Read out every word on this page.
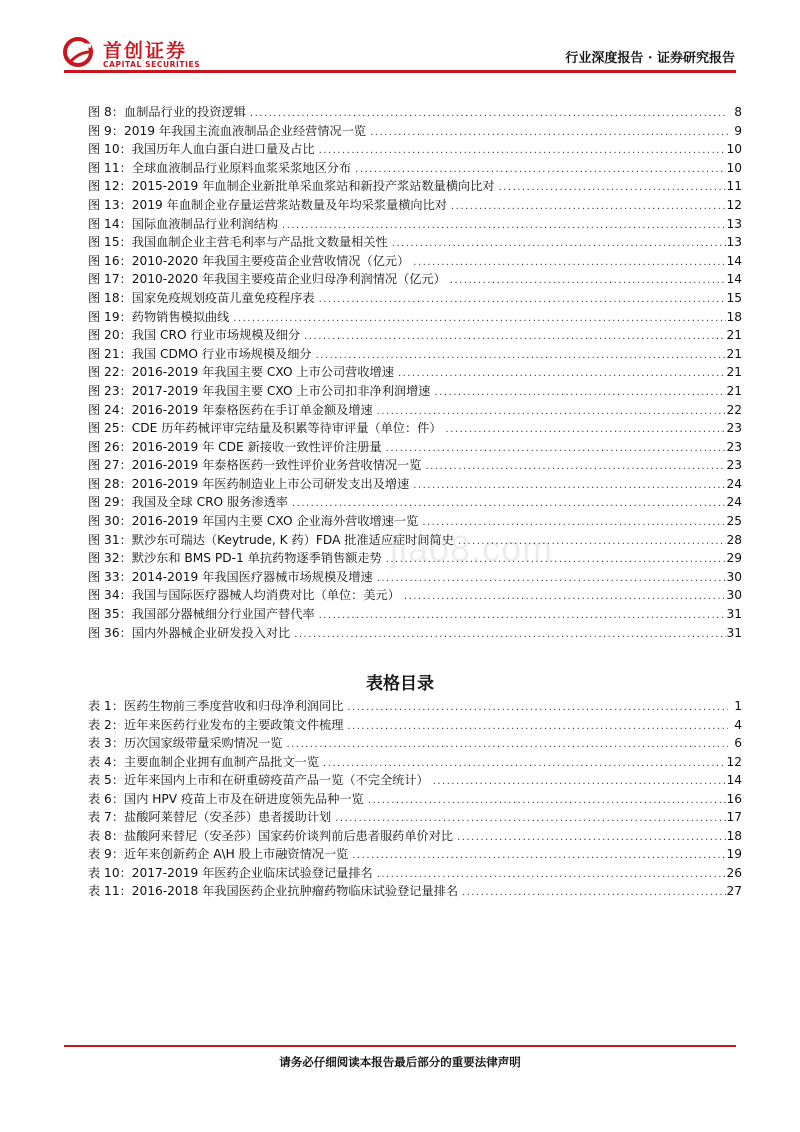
首创证券
CAPITAL SECURITIES	行业深度报告 · 证券研究报告
图 8： 血制品行业的投资逻辑 .....	8
图 9： 2019 年我国主流血液制品企业经营情况一览 .....	9
图 10： 我国历年人血白蛋白进口量及占比 .....	10
图 11： 全球血液制品行业原料血浆采浆地区分布 .....	10
图 12： 2015-2019 年血制企业新批单采血浆站和新投产浆站数量横向比对 .....	11
图 13： 2019 年血制企业存量运营浆站数量及年均采浆量横向比对 .....	12
图 14： 国际血液制品行业利润结构 .....	13
图 15： 我国血制企业主营毛利率与产品批文数量相关性 .....	13
图 16： 2010-2020 年我国主要疫苗企业营收情况（亿元） .....	14
图 17： 2010-2020 年我国主要疫苗企业归母净利润情况（亿元） .....	14
图 18： 国家免疫规划疫苗儿童免疫程序表 .....	15
图 19： 药物销售模拟曲线 .....	18
图 20： 我国 CRO 行业市场规模及细分 .....	21
图 21： 我国 CDMO 行业市场规模及细分 .....	21
图 22： 2016-2019 年我国主要 CXO 上市公司营收增速 .....	21
图 23： 2017-2019 年我国主要 CXO 上市公司扣非净利润增速 .....	21
图 24： 2016-2019 年泰格医药在手订单金额及增速 .....	22
图 25： CDE 历年药械评审完结量及积累等待审评量（单位：件） .....	23
图 26： 2016-2019 年 CDE 新接收一致性评价注册量 .....	23
图 27： 2016-2019 年泰格医药一致性评价业务营收情况一览 .....	23
图 28： 2016-2019 年医药制造业上市公司研发支出及增速 .....	24
图 29： 我国及全球 CRO 服务渗透率 .....	24
图 30： 2016-2019 年国内主要 CXO 企业海外营收增速一览 .....	25
图 31： 默沙东可瑞达（Keytrude, K 药）FDA 批准适应症时间简史 .....	28
图 32： 默沙东和 BMS PD-1 单抗药物逐季销售额走势 .....	29
图 33： 2014-2019 年我国医疗器械市场规模及增速 .....	30
图 34： 我国与国际医疗器械人均消费对比（单位：美元） .....	30
图 35： 我国部分器械细分行业国产替代率 .....	31
图 36： 国内外器械企业研发投入对比 .....	31
表格目录
表 1： 医药生物前三季度营收和归母净利润同比 .....	1
表 2： 近年来医药行业发布的主要政策文件梳理 .....	4
表 3： 历次国家级带量采购情况一览 .....	6
表 4： 主要血制企业拥有血制产品批文一览 .....	12
表 5： 近年来国内上市和在研重磅疫苗产品一览（不完全统计） .....	14
表 6： 国内 HPV 疫苗上市及在研进度领先品种一览 .....	16
表 7： 盐酸阿莱替尼（安圣莎）患者援助计划 .....	17
表 8： 盐酸阿来替尼（安圣莎）国家药价谈判前后患者服药单价对比 .....	18
表 9： 近年来创新药企 A\H 股上市融资情况一览 .....	19
表 10： 2017-2019 年医药企业临床试验登记量排名 .....	26
表 11： 2016-2018 年我国医药企业抗肿瘤药物临床试验登记量排名 .....	27
jiao8.com
请务必仔细阅读本报告最后部分的重要法律声明
